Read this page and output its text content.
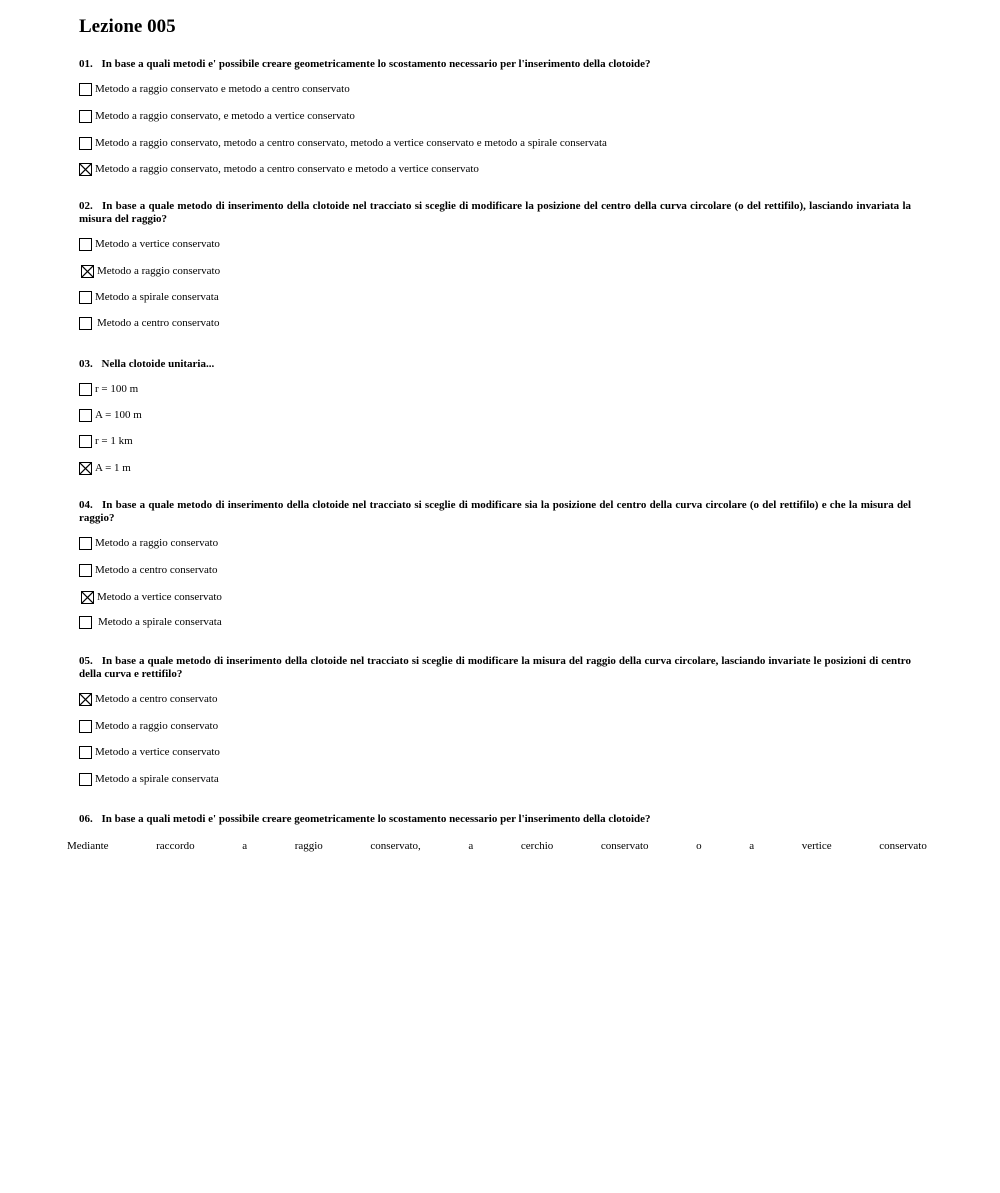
Lezione 005
01. In base a quali metodi e' possibile creare geometricamente lo scostamento necessario per l'inserimento della clotoide?
Metodo a raggio conservato e metodo a centro conservato
Metodo a raggio conservato, e metodo a vertice conservato
Metodo a raggio conservato, metodo a centro conservato, metodo a vertice conservato e metodo a spirale conservata
Metodo a raggio conservato, metodo a centro conservato e metodo a vertice conservato
02. In base a quale metodo di inserimento della clotoide nel tracciato si sceglie di modificare la posizione del centro della curva circolare (o del rettifilo), lasciando invariata la misura del raggio?
Metodo a vertice conservato
Metodo a raggio conservato
Metodo a spirale conservata
Metodo a centro conservato
03. Nella clotoide unitaria...
r = 100 m
A = 100 m
r = 1 km
A = 1 m
04. In base a quale metodo di inserimento della clotoide nel tracciato si sceglie di modificare sia la posizione del centro della curva circolare (o del rettifilo) e che la misura del raggio?
Metodo a raggio conservato
Metodo a centro conservato
Metodo a vertice conservato
Metodo a spirale conservata
05. In base a quale metodo di inserimento della clotoide nel tracciato si sceglie di modificare la misura del raggio della curva circolare, lasciando invariate le posizioni di centro della curva e rettifilo?
Metodo a centro conservato
Metodo a raggio conservato
Metodo a vertice conservato
Metodo a spirale conservata
06. In base a quali metodi e' possibile creare geometricamente lo scostamento necessario per l'inserimento della clotoide?
Mediante	raccordo	a	raggio	conservato,	a	cerchio	conservato	o	a	vertice	conservato
